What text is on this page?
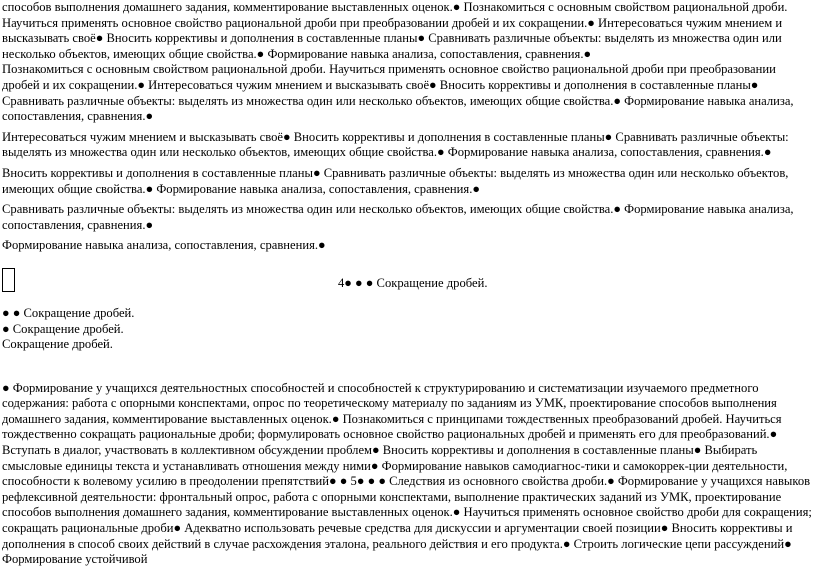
способов выполнения домашнего задания, комментирование выставленных оценок.● Познакомиться с основным свойством рациональной дроби. Научиться применять основное свойство рациональной дроби при преобразовании дробей и их сокращении.● Интересоваться чужим мнением и высказывать своё● Вносить коррективы и дополнения в составленные планы● Сравнивать различные объекты: выделять из множества один или несколько объектов, имеющих общие свойства.● Формирование навыка анализа, сопоставления, сравнения.●

Познакомиться с основным свойством рациональной дроби. Научиться применять основное свойство рациональной дроби при преобразовании дробей и их сокращении.● Интересоваться чужим мнением и высказывать своё● Вносить коррективы и дополнения в составленные планы● Сравнивать различные объекты: выделять из множества один или несколько объектов, имеющих общие свойства.● Формирование навыка анализа, сопоставления, сравнения.●

Интересоваться чужим мнением и высказывать своё● Вносить коррективы и дополнения в составленные планы● Сравнивать различные объекты: выделять из множества один или несколько объектов, имеющих общие свойства.● Формирование навыка анализа, сопоставления, сравнения.●

Вносить коррективы и дополнения в составленные планы● Сравнивать различные объекты: выделять из множества один или несколько объектов, имеющих общие свойства.● Формирование навыка анализа, сопоставления, сравнения.●

Сравнивать различные объекты: выделять из множества один или несколько объектов, имеющих общие свойства.● Формирование навыка анализа, сопоставления, сравнения.●

Формирование навыка анализа, сопоставления, сравнения.●

4● ● ● Сокращение дробей.

● ● Сокращение дробей.

● Сокращение дробей.

Сокращение дробей.

● Формирование у учащихся деятельностных способностей и способностей к структурированию и систематизации изучаемого предметного содержания: работа с опорными конспектами, опрос по теоретическому материалу по заданиям из УМК, проектирование способов выполнения домашнего задания, комментирование выставленных оценок.● Познакомиться с принципами тождественных преобразований дробей. Научиться тождественно сокращать рациональные дроби; формулировать основное свойство рациональных дробей и применять его для преобразований.● Вступать в диалог, участвовать в коллективном обсуждении проблем● Вносить коррективы и дополнения в составленные планы● Выбирать смысловые единицы текста и устанавливать отношения между ними● Формирование навыков самодиагнос-тики и самокоррек-ции деятельности, способности к волевому усилию в преодолении препятствий● ● 5● ● ● Следствия из основного свойства дроби.● Формирование у учащихся навыков рефлексивной деятельности: фронтальный опрос, работа с опорными конспектами, выполнение практических заданий из УМК, проектирование способов выполнения домашнего задания, комментирование выставленных оценок.● Научиться применять основное свойство дроби для сокращения; сокращать рациональные дроби● Адекватно использовать речевые средства для дискуссии и аргументации своей позиции● Вносить коррективы и дополнения в способ своих действий в случае расхождения эталона, реального действия и его продукта.● Строить логические цепи рассуждений● Формирование устойчивой
